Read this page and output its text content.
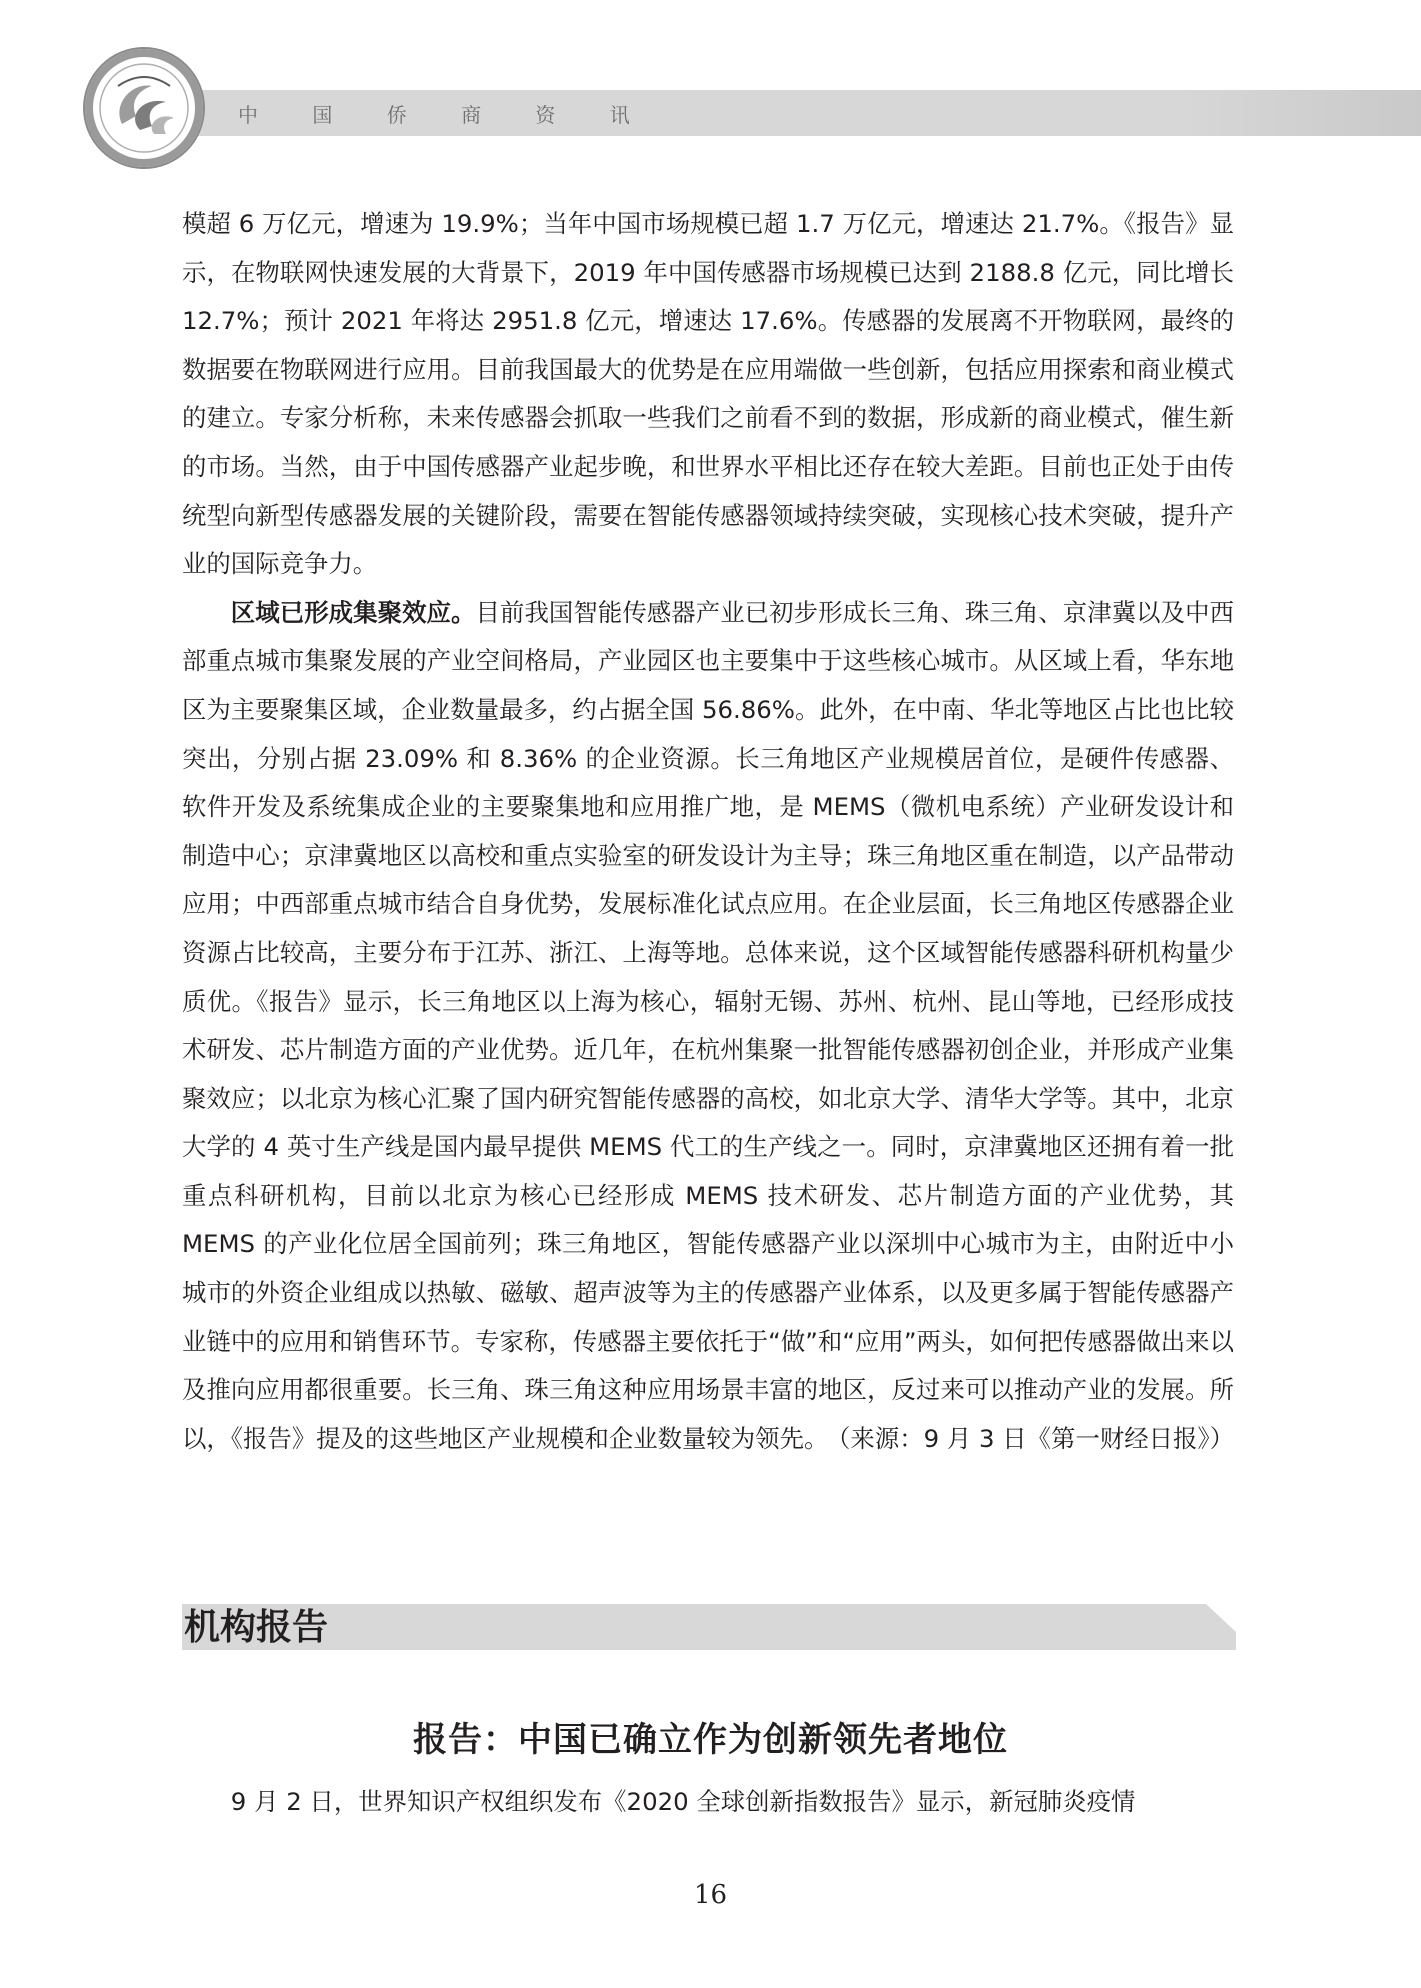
中 国 侨 商 资 讯

模超 6 万亿元，增速为 19.9%；当年中国市场规模已超 1.7 万亿元，增速达 21.7%。《报告》显示，在物联网快速发展的大背景下，2019 年中国传感器市场规模已达到 2188.8 亿元，同比增长 12.7%；预计 2021 年将达 2951.8 亿元，增速达 17.6%。传感器的发展离不开物联网，最终的数据要在物联网进行应用。目前我国最大的优势是在应用端做一些创新，包括应用探索和商业模式的建立。专家分析称，未来传感器会抓取一些我们之前看不到的数据，形成新的商业模式，催生新的市场。当然，由于中国传感器产业起步晚，和世界水平相比还存在较大差距。目前也正处于由传统型向新型传感器发展的关键阶段，需要在智能传感器领域持续突破，实现核心技术突破，提升产业的国际竞争力。

区域已形成集聚效应。目前我国智能传感器产业已初步形成长三角、珠三角、京津冀以及中西部重点城市集聚发展的产业空间格局，产业园区也主要集中于这些核心城市。从区域上看，华东地区为主要聚集区域，企业数量最多，约占据全国 56.86%。此外，在中南、华北等地区占比也比较突出，分别占据 23.09% 和 8.36% 的企业资源。长三角地区产业规模居首位，是硬件传感器、软件开发及系统集成企业的主要聚集地和应用推广地，是 MEMS（微机电系统）产业研发设计和制造中心；京津冀地区以高校和重点实验室的研发设计为主导；珠三角地区重在制造，以产品带动应用；中西部重点城市结合自身优势，发展标准化试点应用。在企业层面，长三角地区传感器企业资源占比较高，主要分布于江苏、浙江、上海等地。总体来说，这个区域智能传感器科研机构量少质优。《报告》显示，长三角地区以上海为核心，辐射无锡、苏州、杭州、昆山等地，已经形成技术研发、芯片制造方面的产业优势。近几年，在杭州集聚一批智能传感器初创企业，并形成产业集聚效应；以北京为核心汇聚了国内研究智能传感器的高校，如北京大学、清华大学等。其中，北京大学的 4 英寸生产线是国内最早提供 MEMS 代工的生产线之一。同时，京津冀地区还拥有着一批重点科研机构，目前以北京为核心已经形成 MEMS 技术研发、芯片制造方面的产业优势，其 MEMS 的产业化位居全国前列；珠三角地区，智能传感器产业以深圳中心城市为主，由附近中小城市的外资企业组成以热敏、磁敏、超声波等为主的传感器产业体系，以及更多属于智能传感器产业链中的应用和销售环节。专家称，传感器主要依托于“做”和“应用”两头，如何把传感器做出来以及推向应用都很重要。长三角、珠三角这种应用场景丰富的地区，反过来可以推动产业的发展。所以，《报告》提及的这些地区产业规模和企业数量较为领先。

（来源：9 月 3 日《第一财经日报》）
机构报告
报告：中国已确立作为创新领先者地位
9 月 2 日，世界知识产权组织发布《2020 全球创新指数报告》显示，新冠肺炎疫情
16
